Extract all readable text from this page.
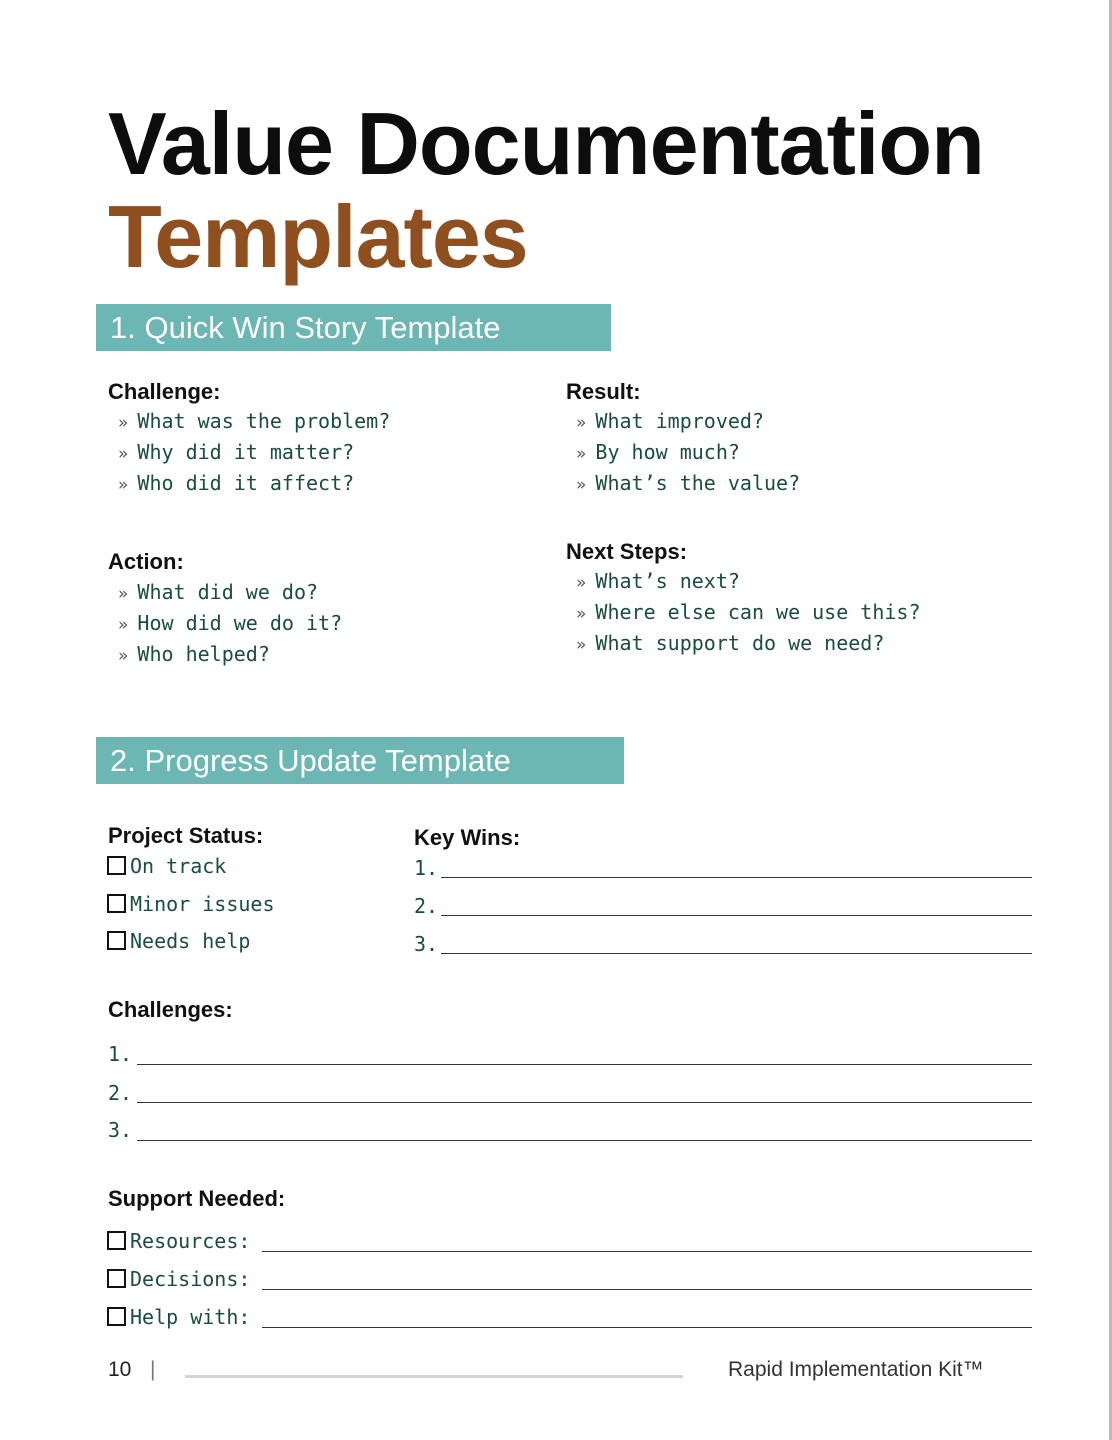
Value Documentation
Templates
1. Quick Win Story Template
Challenge:
» What was the problem?
» Why did it matter?
» Who did it affect?
Result:
» What improved?
» By how much?
» What’s the value?
Action:
» What did we do?
» How did we do it?
» Who helped?
Next Steps:
» What’s next?
» Where else can we use this?
» What support do we need?
2. Progress Update Template
Project Status:
On track
Minor issues
Needs help
Key Wins:
1.
2.
3.
Challenges:
1.
2.
3.
Support Needed:
Resources:
Decisions:
Help with:
10 |	Rapid Implementation Kit™
